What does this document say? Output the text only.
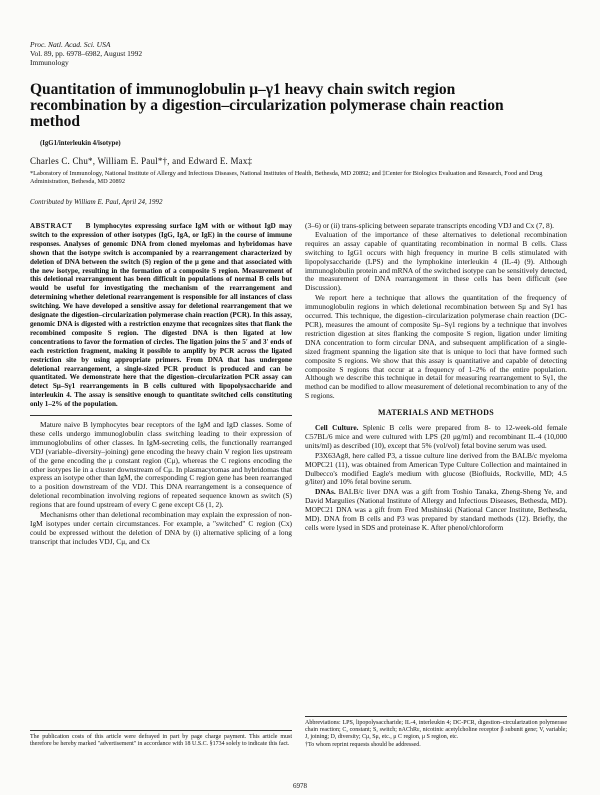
Proc. Natl. Acad. Sci. USA
Vol. 89, pp. 6978–6982, August 1992
Immunology
Quantitation of immunoglobulin μ–γ1 heavy chain switch region recombination by a digestion–circularization polymerase chain reaction method
(IgG1/interleukin 4/isotype)
Charles C. Chu*, William E. Paul*†, and Edward E. Max‡
*Laboratory of Immunology, National Institute of Allergy and Infectious Diseases, National Institutes of Health, Bethesda, MD 20892; and ‡Center for Biologics Evaluation and Research, Food and Drug Administration, Bethesda, MD 20892
Contributed by William E. Paul, April 24, 1992
ABSTRACT B lymphocytes expressing surface IgM with or without IgD may switch to the expression of other isotypes (IgG, IgA, or IgE) in the course of immune responses. Analyses of genomic DNA from cloned myelomas and hybridomas have shown that the isotype switch is accompanied by a rearrangement characterized by deletion of DNA between the switch (S) region of the μ gene and that associated with the new isotype, resulting in the formation of a composite S region. Measurement of this deletional rearrangement has been difficult in populations of normal B cells but would be useful for investigating the mechanism of the rearrangement and determining whether deletional rearrangement is responsible for all instances of class switching. We have developed a sensitive assay for deletional rearrangement that we designate the digestion–circularization polymerase chain reaction (PCR). In this assay, genomic DNA is digested with a restriction enzyme that recognizes sites that flank the recombined composite S region. The digested DNA is then ligated at low concentrations to favor the formation of circles. The ligation joins the 5′ and 3′ ends of each restriction fragment, making it possible to amplify by PCR across the ligated restriction site by using appropriate primers. From DNA that has undergone deletional rearrangement, a single-sized PCR product is produced and can be quantitated. We demonstrate here that the digestion–circularization PCR assay can detect Sμ–Sγ1 rearrangements in B cells cultured with lipopolysaccharide and interleukin 4. The assay is sensitive enough to quantitate switched cells constituting only 1–2% of the population.

Mature naive B lymphocytes bear receptors of the IgM and IgD classes. Some of these cells undergo immunoglobulin class switching leading to their expression of immunoglobulins of other classes. In IgM-secreting cells, the functionally rearranged VDJ (variable–diversity–joining) gene encoding the heavy chain V region lies upstream of the gene encoding the μ constant region (Cμ), whereas the C regions encoding the other isotypes lie in a cluster downstream of Cμ. In plasmacytomas and hybridomas that express an isotype other than IgM, the corresponding C region gene has been rearranged to a position downstream of the VDJ. This DNA rearrangement is a consequence of deletional recombination involving regions of repeated sequence known as switch (S) regions that are found upstream of every C gene except Cδ (1, 2).

Mechanisms other than deletional recombination may explain the expression of non-IgM isotypes under certain circumstances. For example, a "switched" C region (Cx) could be expressed without the deletion of DNA by (i) alternative splicing of a long transcript that includes VDJ, Cμ, and Cx

(3–6) or (ii) trans-splicing between separate transcripts encoding VDJ and Cx (7, 8).

Evaluation of the importance of these alternatives to deletional recombination requires an assay capable of quantitating recombination in normal B cells. Class switching to IgG1 occurs with high frequency in murine B cells stimulated with lipopolysaccharide (LPS) and the lymphokine interleukin 4 (IL-4) (9). Although immunoglobulin protein and mRNA of the switched isotype can be sensitively detected, the measurement of DNA rearrangement in these cells has been difficult (see Discussion).

We report here a technique that allows the quantitation of the frequency of immunoglobulin regions in which deletional recombination between Sμ and Sγ1 has occurred. This technique, the digestion–circularization polymerase chain reaction (DC-PCR), measures the amount of composite Sμ–Sγ1 regions by a technique that involves restriction digestion at sites flanking the composite S region, ligation under limiting DNA concentration to form circular DNA, and subsequent amplification of a single-sized fragment spanning the ligation site that is unique to loci that have formed such composite S regions. We show that this assay is quantitative and capable of detecting composite S regions that occur at a frequency of 1–2% of the entire population. Although we describe this technique in detail for measuring rearrangement to Sγ1, the method can be modified to allow measurement of deletional recombination to any of the S regions.

MATERIALS AND METHODS

Cell Culture. Splenic B cells were prepared from 8- to 12-week-old female C57BL/6 mice and were cultured with LPS (20 μg/ml) and recombinant IL-4 (10,000 units/ml) as described (10), except that 5% (vol/vol) fetal bovine serum was used.

P3X63Ag8, here called P3, a tissue culture line derived from the BALB/c myeloma MOPC21 (11), was obtained from American Type Culture Collection and maintained in Dulbecco's modified Eagle's medium with glucose (Biofluids, Rockville, MD; 4.5 g/liter) and 10% fetal bovine serum.

DNAs. BALB/c liver DNA was a gift from Toshio Tanaka, Zheng-Sheng Ye, and David Margulies (National Institute of Allergy and Infectious Diseases, Bethesda, MD). MOPC21 DNA was a gift from Fred Mushinski (National Cancer Institute, Bethesda, MD). DNA from B cells and P3 was prepared by standard methods (12). Briefly, the cells were lysed in SDS and proteinase K. After phenol/chloroform

The publication costs of this article were defrayed in part by page charge payment. This article must therefore be hereby marked "advertisement" in accordance with 18 U.S.C. §1734 solely to indicate this fact.
Abbreviations: LPS, lipopolysaccharide; IL-4, interleukin 4; DC-PCR, digestion–circularization polymerase chain reaction; C, constant; S, switch; nAChRε, nicotinic acetylcholine receptor β subunit gene; V, variable; J, joining; D, diversity; Cμ, Sμ, etc., μ C region, μ S region, etc.
†To whom reprint requests should be addressed.
6978
